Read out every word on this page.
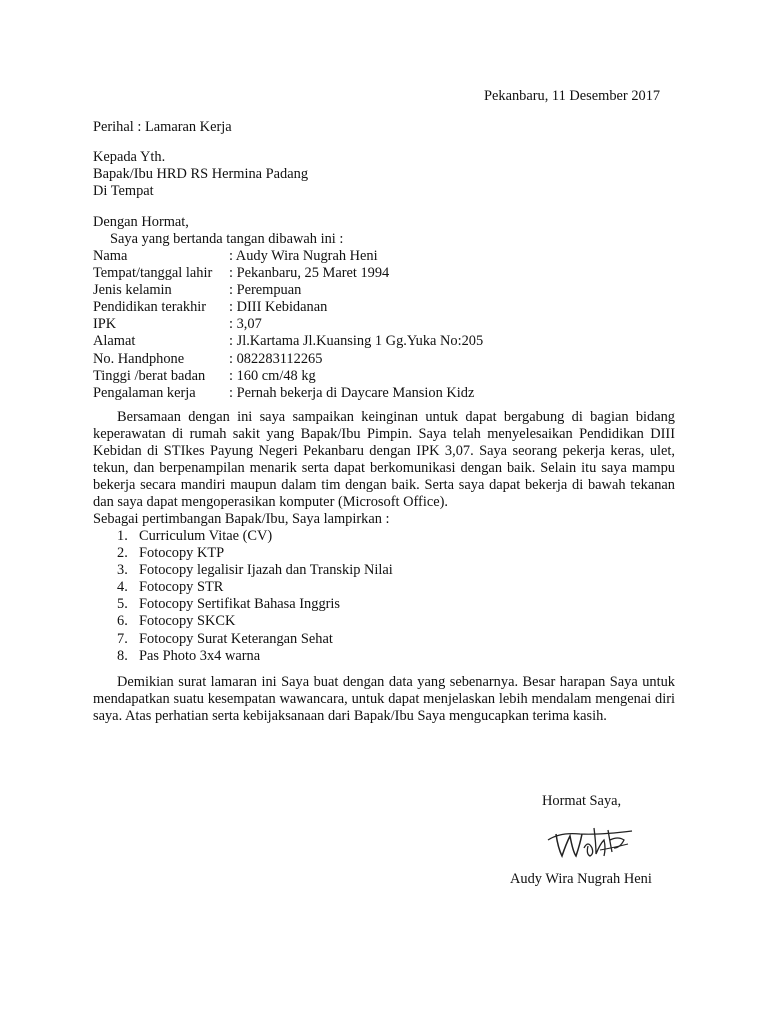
Pekanbaru, 11 Desember 2017
Perihal : Lamaran Kerja
Kepada Yth.
Bapak/Ibu HRD RS Hermina Padang
Di Tempat
Dengan Hormat,
Saya yang bertanda tangan dibawah ini :
Nama	: Audy Wira Nugrah Heni
Tempat/tanggal lahir	: Pekanbaru, 25 Maret 1994
Jenis kelamin	: Perempuan
Pendidikan terakhir	: DIII Kebidanan
IPK	: 3,07
Alamat	: Jl.Kartama Jl.Kuansing 1 Gg.Yuka No:205
No. Handphone	: 082283112265
Tinggi /berat badan	: 160 cm/48 kg
Pengalaman kerja	: Pernah bekerja di Daycare Mansion Kidz

Bersamaan dengan ini saya sampaikan keinginan untuk dapat bergabung di bagian bidang keperawatan di rumah sakit yang Bapak/Ibu Pimpin. Saya telah menyelesaikan Pendidikan DIII Kebidan di STIkes Payung Negeri Pekanbaru dengan IPK 3,07. Saya seorang pekerja keras, ulet, tekun, dan berpenampilan menarik serta dapat berkomunikasi dengan baik. Selain itu saya mampu bekerja secara mandiri maupun dalam tim dengan baik. Serta saya dapat bekerja di bawah tekanan dan saya dapat mengoperasikan komputer (Microsoft Office).

Sebagai pertimbangan Bapak/Ibu, Saya lampirkan :

1. Curriculum Vitae (CV)
2. Fotocopy KTP
3. Fotocopy legalisir Ijazah dan Transkip Nilai
4. Fotocopy STR
5. Fotocopy Sertifikat Bahasa Inggris
6. Fotocopy SKCK
7. Fotocopy Surat Keterangan Sehat
8. Pas Photo 3x4 warna

Demikian surat lamaran ini Saya buat dengan data yang sebenarnya. Besar harapan Saya untuk mendapatkan suatu kesempatan wawancara, untuk dapat menjelaskan lebih mendalam mengenai diri saya. Atas perhatian serta kebijaksanaan dari Bapak/Ibu Saya mengucapkan terima kasih.

Hormat Saya,
Audy Wira Nugrah Heni
